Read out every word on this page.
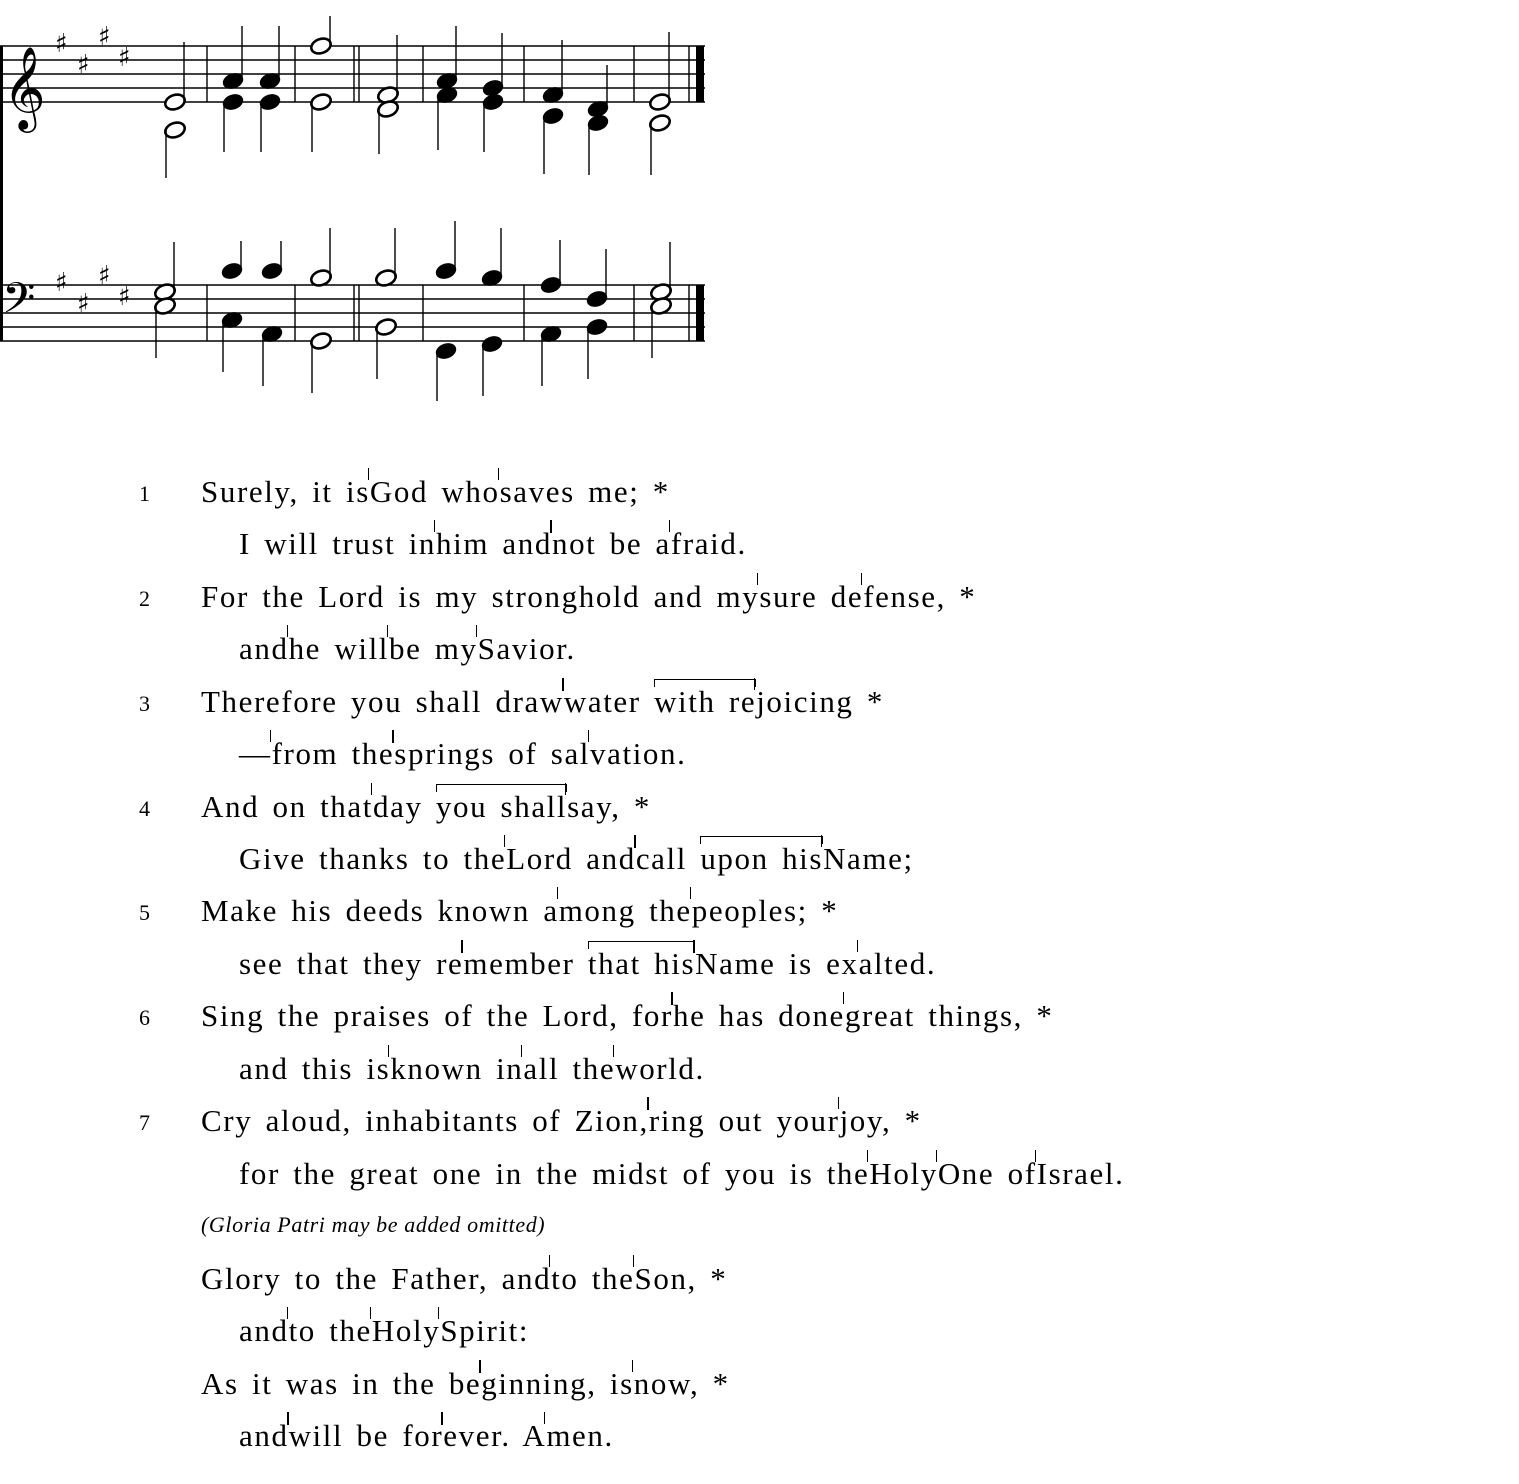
𝄞
𝄢
♯
♯
♯
♯
♯
♯
♯
♯
1 Surely, it isGod whosaves me; *
I will trust inhim andnot be afraid.
2 For the Lord is my stronghold and mysure defense, *
andhe willbe mySavior.
3 Therefore you shall drawwater with rejoicing *
—from thesprings of salvation.
4 And on thatday you shallsay, *
Give thanks to theLord andcall upon hisName;
5 Make his deeds known among thepeoples; *
see that they remember that hisName is exalted.
6 Sing the praises of the Lord, forhe has donegreat things, *
and this isknown inall theworld.
7 Cry aloud, inhabitants of Zion,ring out yourjoy, *
for the great one in the midst of you is theHolyOne ofIsrael.
(Gloria Patri may be added omitted)
Glory to the Father, andto theSon, *
andto theHolySpirit:
As it was in the beginning, isnow, *
andwill be forever. Amen.
